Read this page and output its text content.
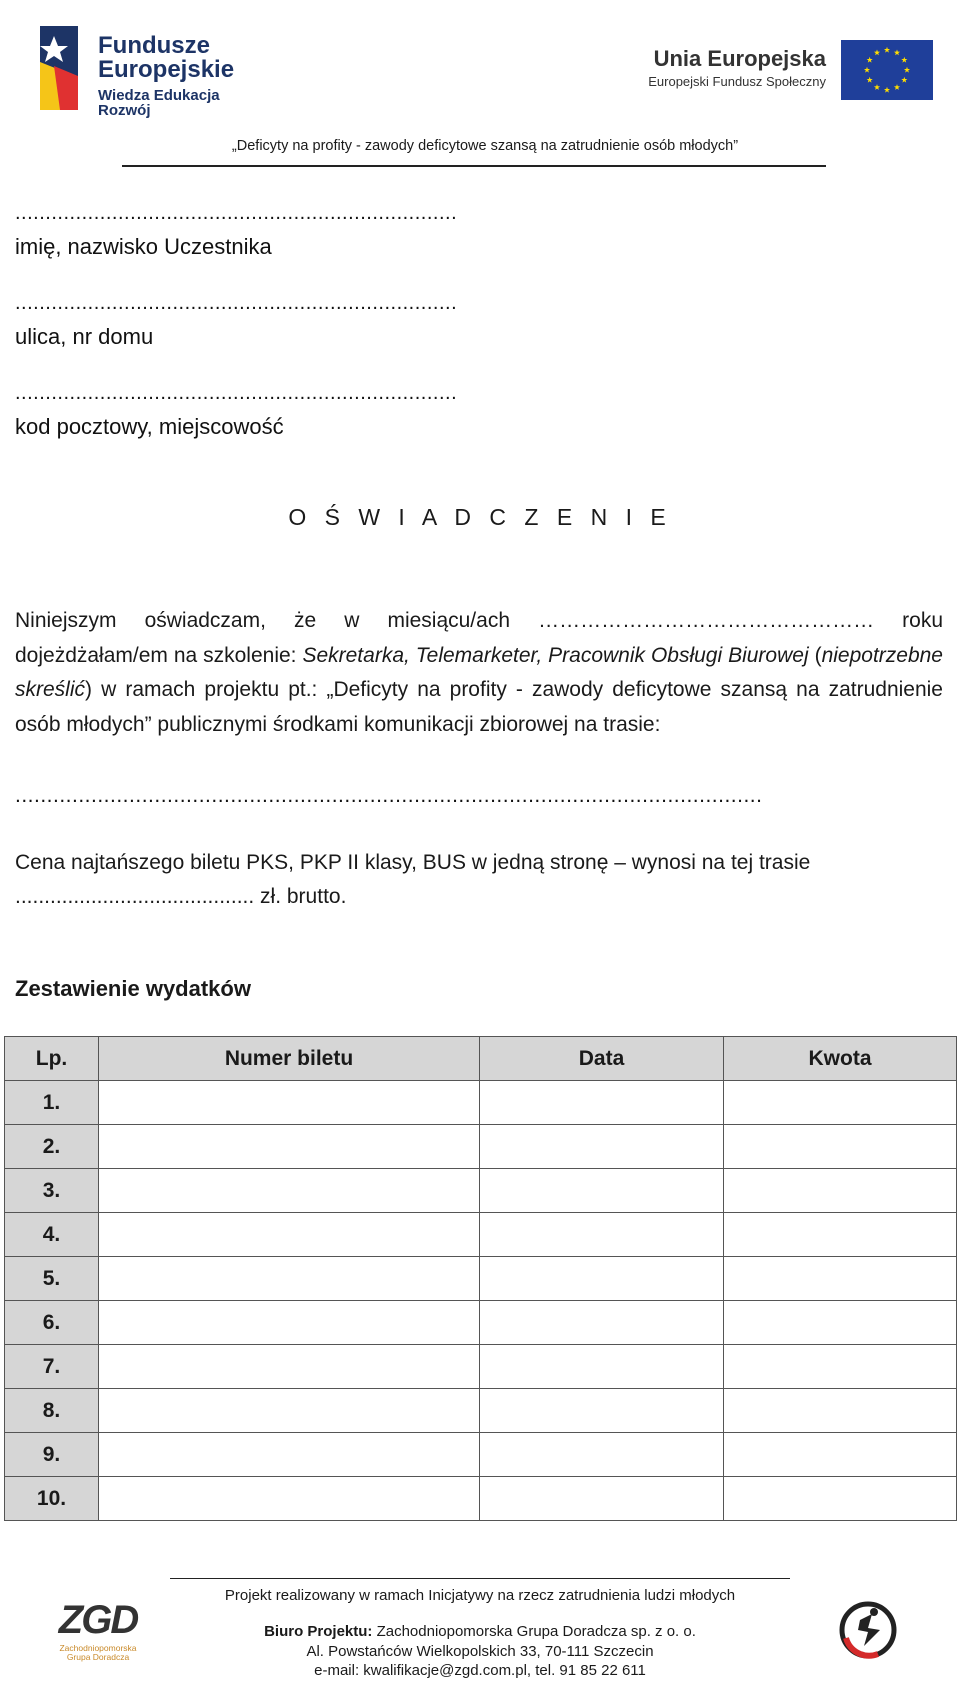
Fundusze
Europejskie
Wiedza Edukacja Rozwój
Unia Europejska
Europejski Fundusz Społeczny
„Deficyty na profity - zawody deficytowe szansą na zatrudnienie osób młodych”
.........................................................................
imię, nazwisko Uczestnika
.........................................................................
ulica, nr domu
.........................................................................
kod pocztowy, miejscowość
O Ś W I A D C Z E N I E
Niniejszym oświadczam, że w miesiącu/ach ………………………………………… roku dojeżdżałam/em na szkolenie: Sekretarka, Telemarketer, Pracownik Obsługi Biurowej (niepotrzebne skreślić) w ramach projektu pt.: „Deficyty na profity - zawody deficytowe szansą na zatrudnienie osób młodych” publicznymi środkami komunikacji zbiorowej na trasie:
......................................................................................................................
Cena najtańszego biletu PKS, PKP II klasy, BUS w jedną stronę – wynosi na tej trasie
......................................... zł. brutto.
Zestawienie wydatków
Lp.	Numer biletu	Data	Kwota
1.			
2.			
3.			
4.			
5.			
6.			
7.			
8.			
9.			
10.			
Projekt realizowany w ramach Inicjatywy na rzecz zatrudnienia ludzi młodych
ZGD
Zachodniopomorska
Grupa Doradcza
Biuro Projektu: Zachodniopomorska Grupa Doradcza sp. z o. o.
Al. Powstańców Wielkopolskich 33, 70-111 Szczecin
e-mail: kwalifikacje@zgd.com.pl, tel. 91 85 22 611
